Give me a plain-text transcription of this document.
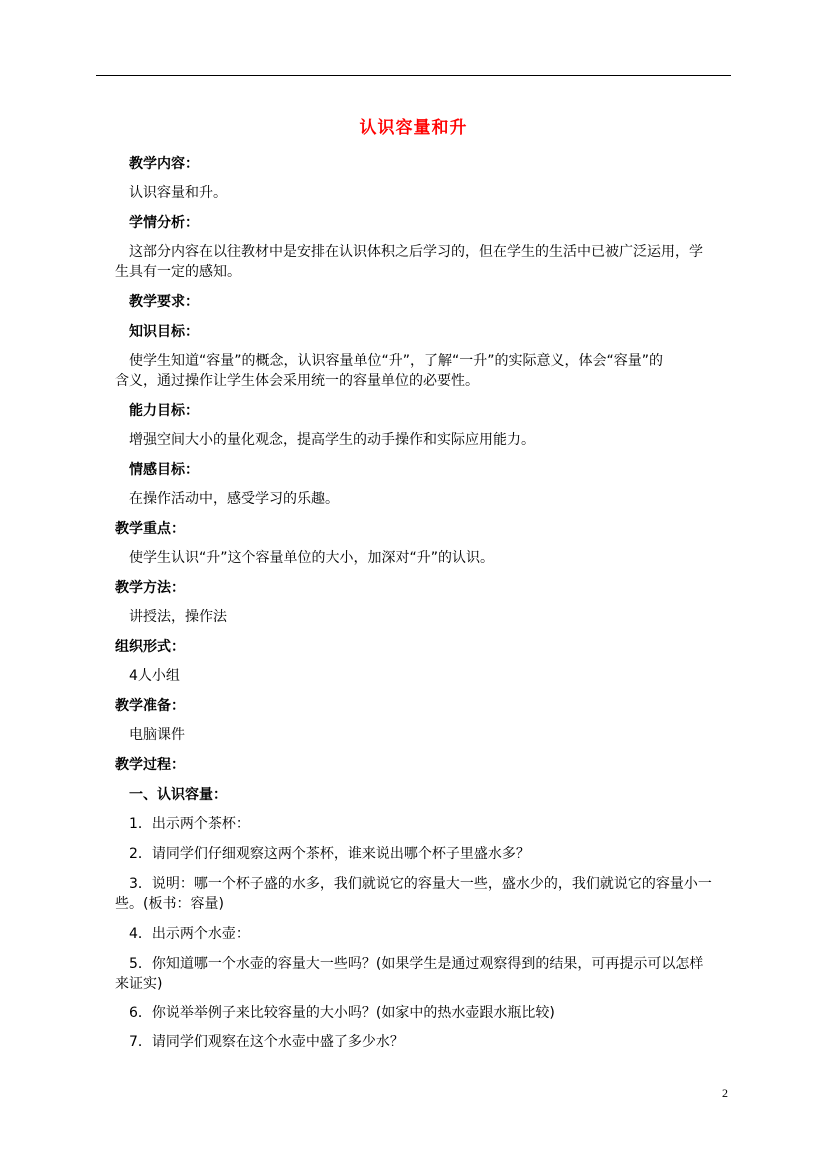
认识容量和升
教学内容：
认识容量和升。
学情分析：
这部分内容在以往教材中是安排在认识体积之后学习的，但在学生的生活中已被广泛运用，学
生具有一定的感知。
教学要求：
知识目标：
使学生知道“容量”的概念，认识容量单位“升”，了解“一升”的实际意义，体会“容量”的
含义，通过操作让学生体会采用统一的容量单位的必要性。
能力目标：
增强空间大小的量化观念，提高学生的动手操作和实际应用能力。
情感目标：
在操作活动中，感受学习的乐趣。
教学重点：
使学生认识“升”这个容量单位的大小，加深对“升”的认识。
教学方法：
讲授法，操作法
组织形式：
4人小组
教学准备：
电脑课件
教学过程：
一、认识容量：
1．出示两个茶杯：
2．请同学们仔细观察这两个茶杯，谁来说出哪个杯子里盛水多？
3．说明：哪一个杯子盛的水多，我们就说它的容量大一些，盛水少的，我们就说它的容量小一
些。(板书：容量)
4．出示两个水壶：
5．你知道哪一个水壶的容量大一些吗？(如果学生是通过观察得到的结果，可再提示可以怎样
来证实)
6．你说举举例子来比较容量的大小吗？(如家中的热水壶跟水瓶比较)
7．请同学们观察在这个水壶中盛了多少水？
2
